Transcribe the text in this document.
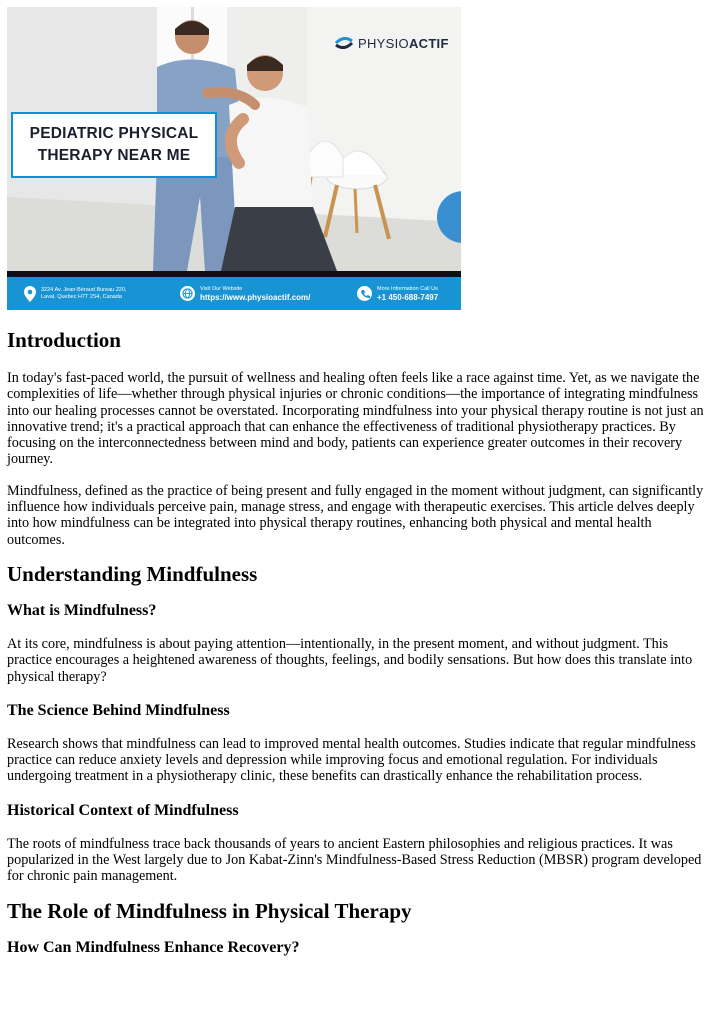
PHYSIOACTIF
PEDIATRIC PHYSICAL
THERAPY NEAR ME
3224 Av. Jean-Béraud Bureau 220,
Laval, Quebec H7T 2S4, Canada
Visit Our Website
https://www.physioactif.com/
More Information Call Us
+1 450-688-7497
Introduction

In today's fast-paced world, the pursuit of wellness and healing often feels like a race against time. Yet, as we navigate the complexities of life—whether through physical injuries or chronic conditions—the importance of integrating mindfulness into our healing processes cannot be overstated. Incorporating mindfulness into your physical therapy routine is not just an innovative trend; it's a practical approach that can enhance the effectiveness of traditional physiotherapy practices. By focusing on the interconnectedness between mind and body, patients can experience greater outcomes in their recovery journey.

Mindfulness, defined as the practice of being present and fully engaged in the moment without judgment, can significantly influence how individuals perceive pain, manage stress, and engage with therapeutic exercises. This article delves deeply into how mindfulness can be integrated into physical therapy routines, enhancing both physical and mental health outcomes.

Understanding Mindfulness
What is Mindfulness?

At its core, mindfulness is about paying attention—intentionally, in the present moment, and without judgment. This practice encourages a heightened awareness of thoughts, feelings, and bodily sensations. But how does this translate into physical therapy?

The Science Behind Mindfulness

Research shows that mindfulness can lead to improved mental health outcomes. Studies indicate that regular mindfulness practice can reduce anxiety levels and depression while improving focus and emotional regulation. For individuals undergoing treatment in a physiotherapy clinic, these benefits can drastically enhance the rehabilitation process.

Historical Context of Mindfulness

The roots of mindfulness trace back thousands of years to ancient Eastern philosophies and religious practices. It was popularized in the West largely due to Jon Kabat-Zinn's Mindfulness-Based Stress Reduction (MBSR) program developed for chronic pain management.

The Role of Mindfulness in Physical Therapy
How Can Mindfulness Enhance Recovery?
